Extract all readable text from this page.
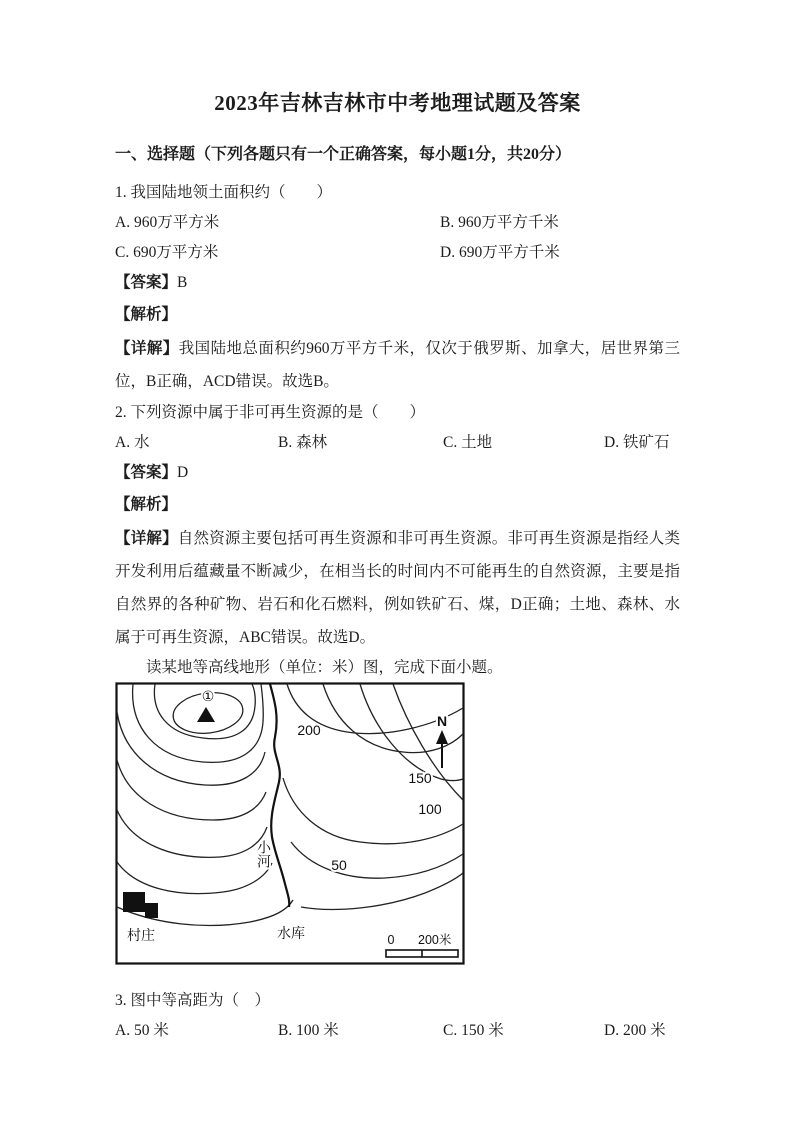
2023年吉林吉林市中考地理试题及答案
一、选择题（下列各题只有一个正确答案，每小题1分，共20分）
1. 我国陆地领土面积约（　　）
A. 960万平方米	B. 960万平方千米
C. 690万平方米	D. 690万平方千米
【答案】B
【解析】
【详解】我国陆地总面积约960万平方千米，仅次于俄罗斯、加拿大，居世界第三位，B正确，ACD错误。故选B。
2. 下列资源中属于非可再生资源的是（　　）
A. 水	B. 森林	C. 土地	D. 铁矿石
【答案】D
【解析】
【详解】自然资源主要包括可再生资源和非可再生资源。非可再生资源是指经人类开发利用后蕴藏量不断减少，在相当长的时间内不可能再生的自然资源，主要是指自然界的各种矿物、岩石和化石燃料，例如铁矿石、煤，D正确；土地、森林、水属于可再生资源，ABC错误。故选D。
读某地等高线地形（单位：米）图，完成下面小题。
①
N
200
150
100
50
小河
村庄	水库	0 200米
3. 图中等高距为（　）
A. 50 米	B. 100 米	C. 150 米	D. 200 米
